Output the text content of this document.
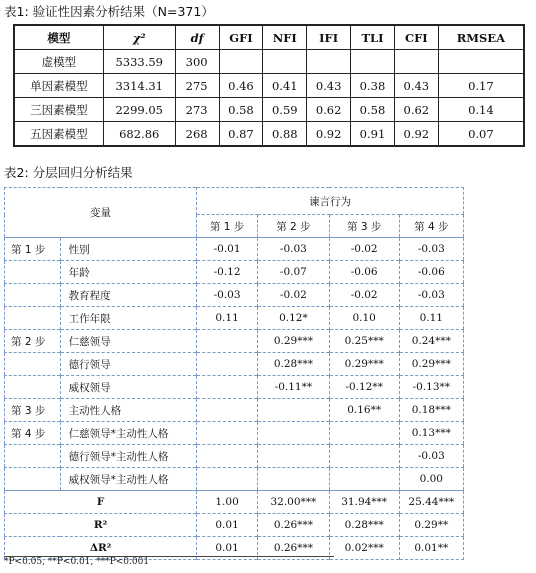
表1: 验证性因素分析结果（N=371）
模型	χ²	df	GFI	NFI	IFI	TLI	CFI	RMSEA
虚模型	5333.59	300						
单因素模型	3314.31	275	0.46	0.41	0.43	0.38	0.43	0.17
三因素模型	2299.05	273	0.58	0.59	0.62	0.58	0.62	0.14
五因素模型	682.86	268	0.87	0.88	0.92	0.91	0.92	0.07
表2: 分层回归分析结果
变量		谏言行为			
		第 1 步	第 2 步	第 3 步	第 4 步
第 1 步	性别	-0.01	-0.03	-0.02	-0.03
	年龄	-0.12	-0.07	-0.06	-0.06
	教育程度	-0.03	-0.02	-0.02	-0.03
	工作年限	0.11	0.12*	0.10	0.11
第 2 步	仁慈领导		0.29***	0.25***	0.24***
	德行领导		0.28***	0.29***	0.29***
	威权领导		-0.11**	-0.12**	-0.13**
第 3 步	主动性人格			0.16**	0.18***
第 4 步	仁慈领导*主动性人格				0.13***
	德行领导*主动性人格				-0.03
	威权领导*主动性人格				0.00
F		1.00	32.00***	31.94***	25.44***
R²		0.01	0.26***	0.28***	0.29**
ΔR²		0.01	0.26***	0.02***	0.01**
*P<0.05, **P<0.01, ***P<0.001
